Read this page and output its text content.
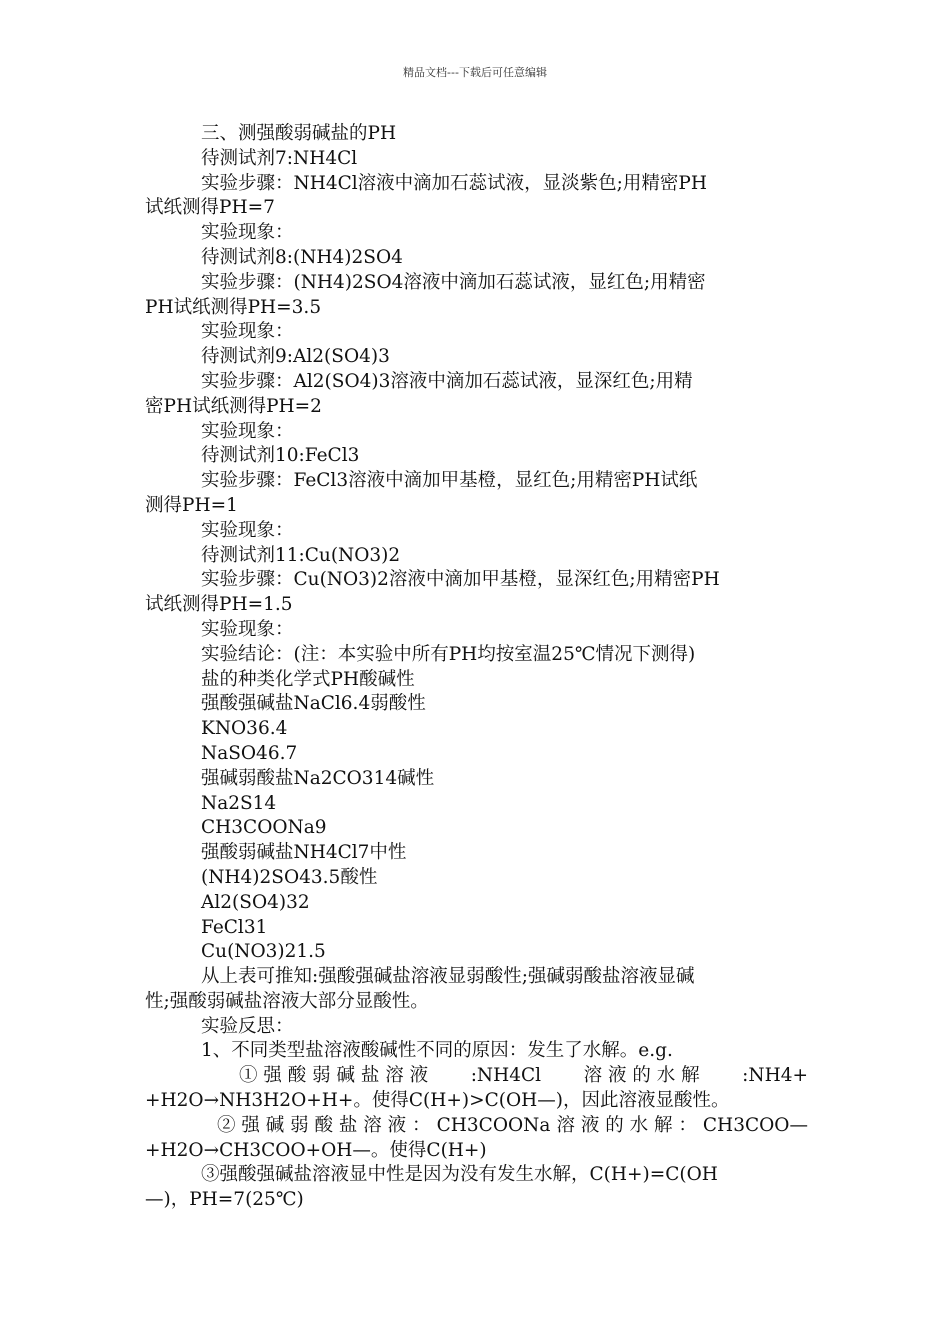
精品文档---下载后可任意编辑
三、测强酸弱碱盐的PH
待测试剂7:NH4Cl
实验步骤：NH4Cl溶液中滴加石蕊试液，显淡紫色;用精密PH
试纸测得PH=7
实验现象：
待测试剂8:(NH4)2SO4
实验步骤：(NH4)2SO4溶液中滴加石蕊试液，显红色;用精密
PH试纸测得PH=3.5
实验现象：
待测试剂9:Al2(SO4)3
实验步骤：Al2(SO4)3溶液中滴加石蕊试液，显深红色;用精
密PH试纸测得PH=2
实验现象：
待测试剂10:FeCl3
实验步骤：FeCl3溶液中滴加甲基橙，显红色;用精密PH试纸
测得PH=1
实验现象：
待测试剂11:Cu(NO3)2
实验步骤：Cu(NO3)2溶液中滴加甲基橙，显深红色;用精密PH
试纸测得PH=1.5
实验现象：
实验结论：(注：本实验中所有PH均按室温25℃情况下测得)
盐的种类化学式PH酸碱性
强酸强碱盐NaCl6.4弱酸性
KNO36.4
NaSO46.7
强碱弱酸盐Na2CO314碱性
Na2S14
CH3COONa9
强酸弱碱盐NH4Cl7中性
(NH4)2SO43.5酸性
Al2(SO4)32
FeCl31
Cu(NO3)21.5
从上表可推知:强酸强碱盐溶液显弱酸性;强碱弱酸盐溶液显碱
性;强酸弱碱盐溶液大部分显酸性。
实验反思：
1、不同类型盐溶液酸碱性不同的原因：发生了水解。e.g.
① 强 酸 弱 碱 盐 溶 液 :NH4Cl 溶 液 的 水 解 :NH4+
+H2O→NH3H2O+H+。使得C(H+)>C(OH—)，因此溶液显酸性。
② 强 碱 弱 酸 盐 溶 液 ： CH3COONa 溶 液 的 水 解 ： CH3COO—
+H2O→CH3COO+OH—。使得C(H+)
③强酸强碱盐溶液显中性是因为没有发生水解，C(H+)=C(OH
—)，PH=7(25℃)
